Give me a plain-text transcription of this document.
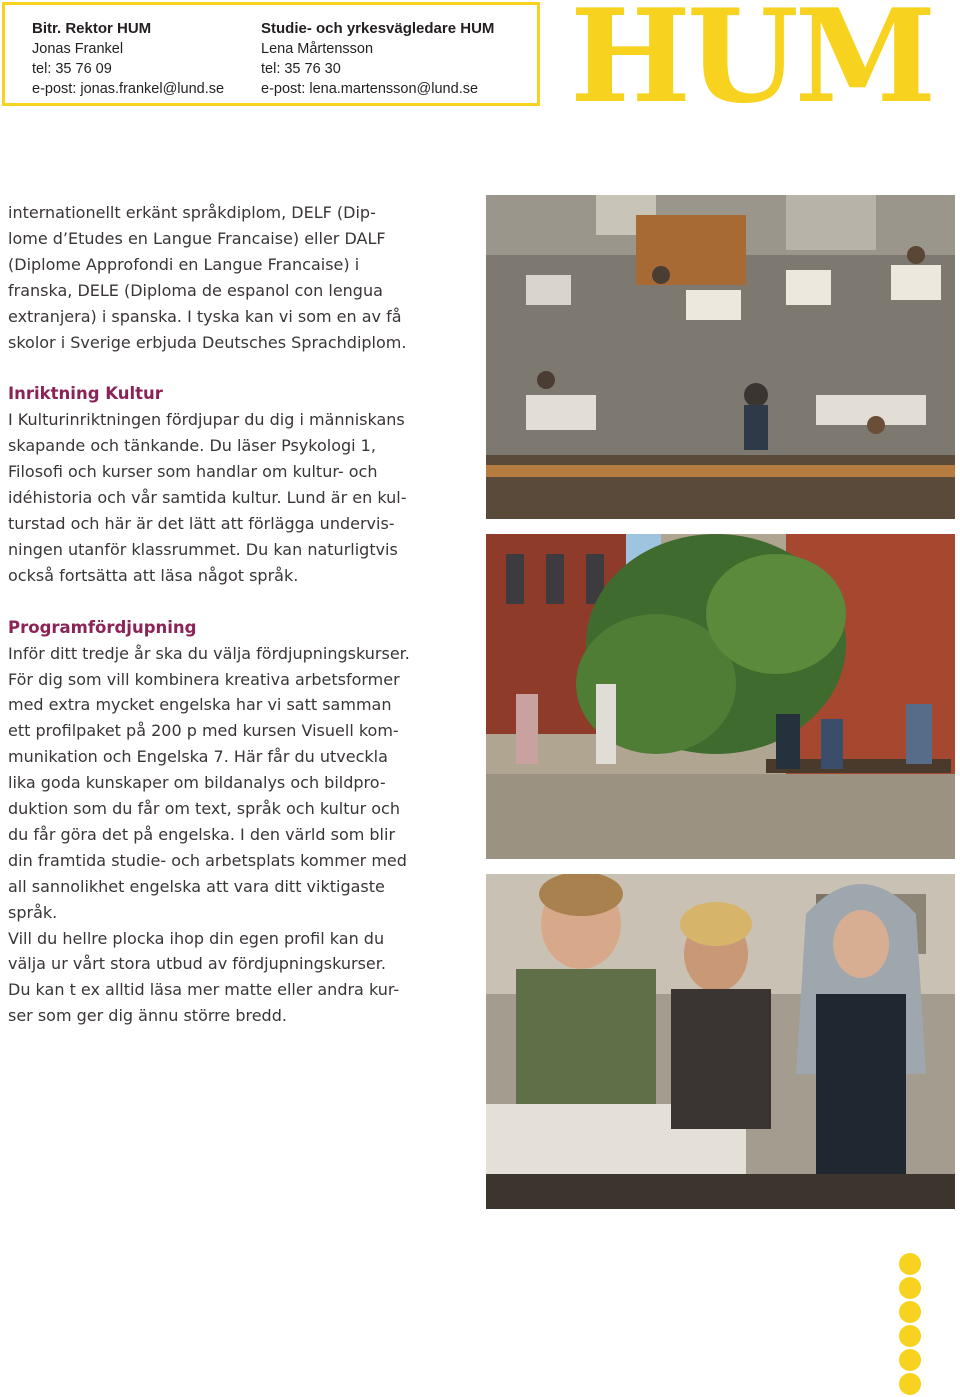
Bitr. Rektor HUM
Jonas Frankel
tel: 35 76 09
e-post: jonas.frankel@lund.se
Studie- och yrkesvägledare HUM
Lena Mårtensson
tel: 35 76 30
e-post: lena.martensson@lund.se HUM

internationellt erkänt språkdiplom, DELF (Dip-

lome d’Etudes en Langue Francaise) eller DALF

(Diplome Approfondi en Langue Francaise) i

franska, DELE (Diploma de espanol con lengua

extranjera) i spanska. I tyska kan vi som en av få

skolor i Sverige erbjuda Deutsches Sprachdiplom.

Inriktning Kultur

I Kulturinriktningen fördjupar du dig i människans

skapande och tänkande. Du läser Psykologi 1,

Filosofi och kurser som handlar om kultur- och

idéhistoria och vår samtida kultur. Lund är en kul-

turstad och här är det lätt att förlägga undervis-

ningen utanför klassrummet. Du kan naturligtvis

också fortsätta att läsa något språk.

Programfördjupning

Inför ditt tredje år ska du välja fördjupningskurser.

För dig som vill kombinera kreativa arbetsformer

med extra mycket engelska har vi satt samman

ett profilpaket på 200 p med kursen Visuell kom-

munikation och Engelska 7. Här får du utveckla

lika goda kunskaper om bildanalys och bildpro-

duktion som du får om text, språk och kultur och

du får göra det på engelska. I den värld som blir

din framtida studie- och arbetsplats kommer med

all sannolikhet engelska att vara ditt viktigaste

språk.

Vill du hellre plocka ihop din egen profil kan du

välja ur vårt stora utbud av fördjupningskurser.

Du kan t ex alltid läsa mer matte eller andra kur-

ser som ger dig ännu större bredd.
